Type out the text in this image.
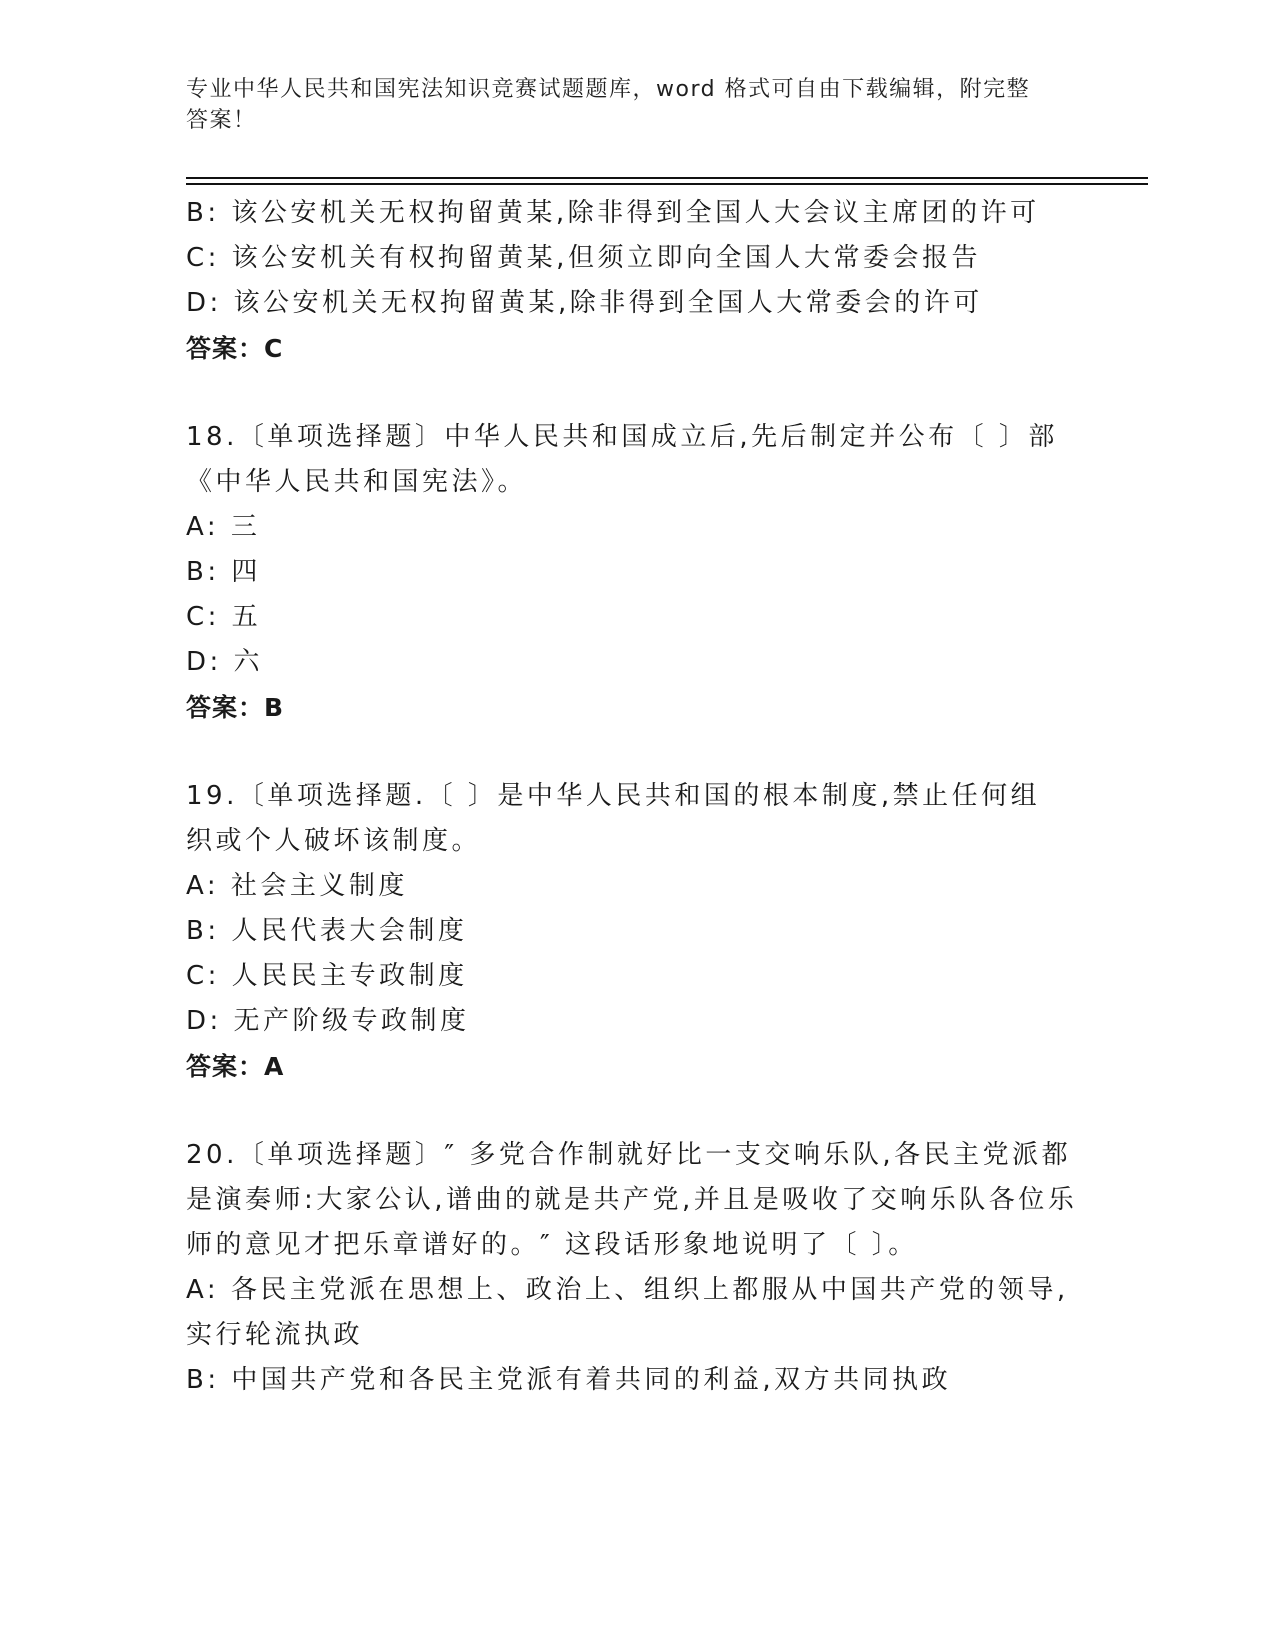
专业中华人民共和国宪法知识竞赛试题题库，word 格式可自由下载编辑，附完整
答案！
B: 该公安机关无权拘留黄某,除非得到全国人大会议主席团的许可
C: 该公安机关有权拘留黄某,但须立即向全国人大常委会报告
D: 该公安机关无权拘留黄某,除非得到全国人大常委会的许可
答案：C
18.〔单项选择题〕中华人民共和国成立后,先后制定并公布〔 〕部
《中华人民共和国宪法》。
A: 三
B: 四
C: 五
D: 六
答案：B
19.〔单项选择题.〔 〕是中华人民共和国的根本制度,禁止任何组
织或个人破坏该制度。
A: 社会主义制度
B: 人民代表大会制度
C: 人民民主专政制度
D: 无产阶级专政制度
答案：A
20.〔单项选择题〕″ 多党合作制就好比一支交响乐队,各民主党派都
是演奏师:大家公认,谱曲的就是共产党,并且是吸收了交响乐队各位乐
师的意见才把乐章谱好的。″ 这段话形象地说明了〔 〕。
A: 各民主党派在思想上、政治上、组织上都服从中国共产党的领导,
实行轮流执政
B: 中国共产党和各民主党派有着共同的利益,双方共同执政
